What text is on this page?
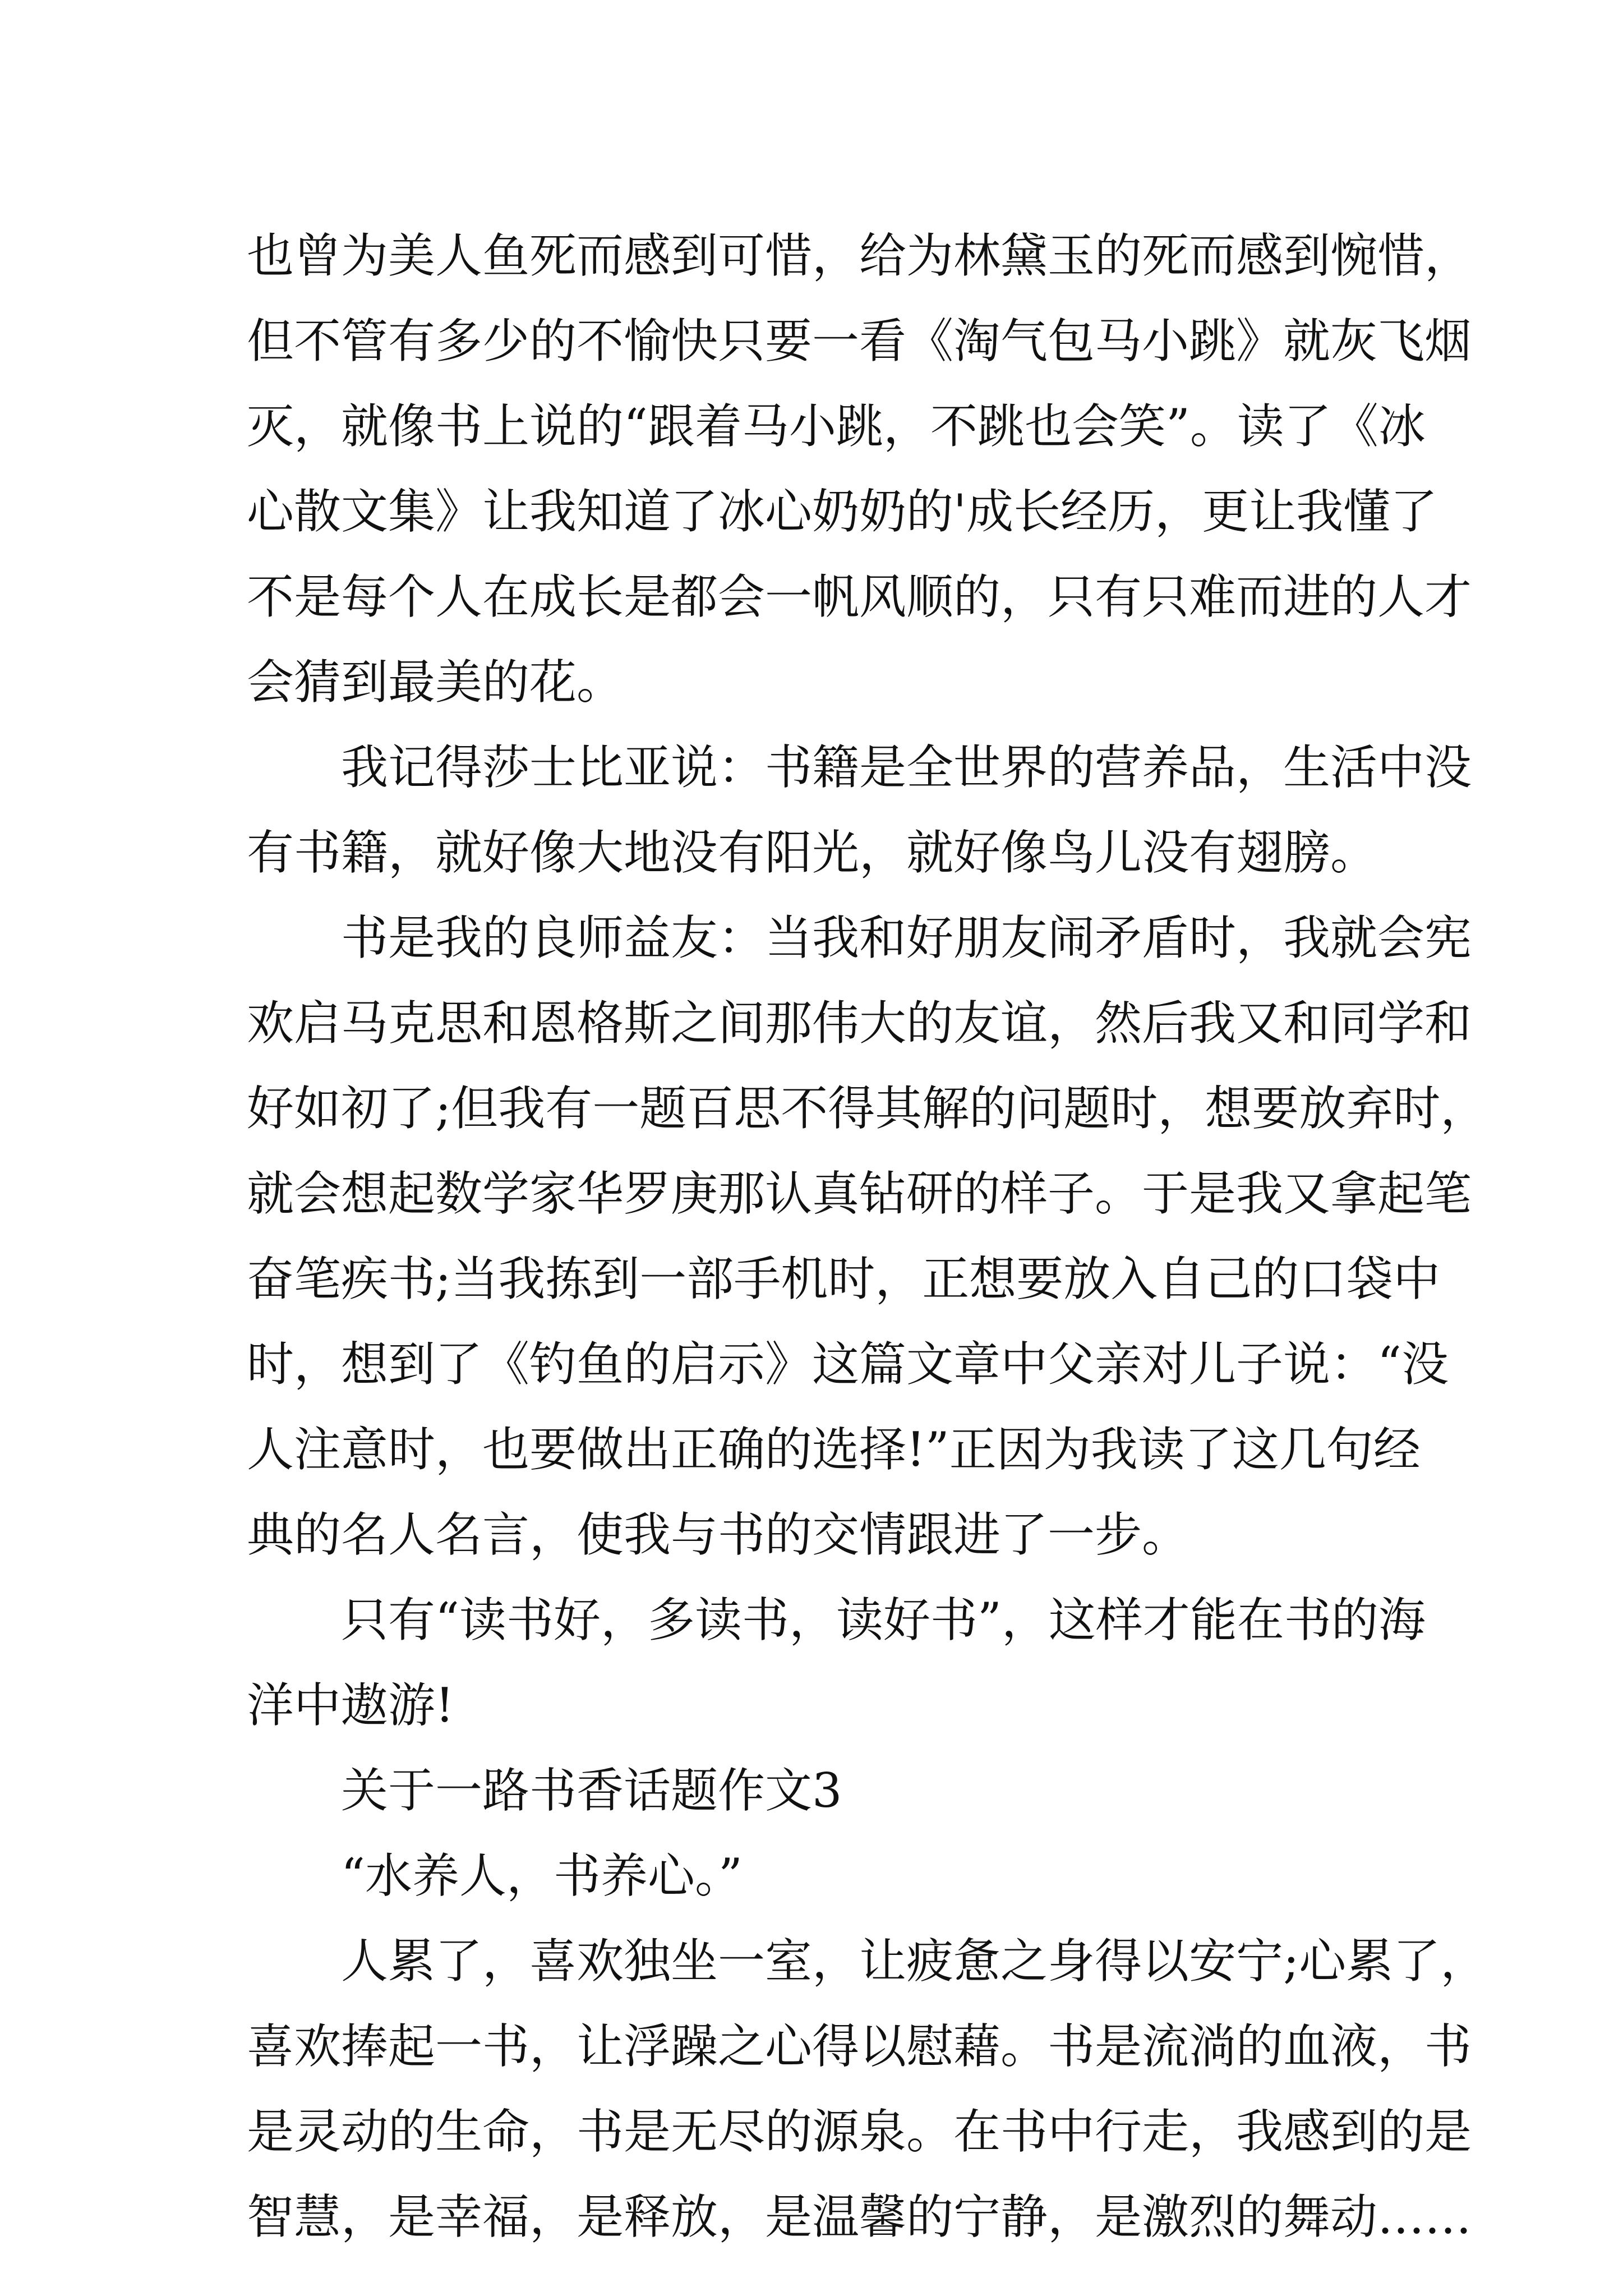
也曾为美人鱼死而感到可惜，给为林黛玉的死而感到惋惜，
但不管有多少的不愉快只要一看《淘气包马小跳》就灰飞烟
灭，就像书上说的“跟着马小跳，不跳也会笑”。读了《冰
心散文集》让我知道了冰心奶奶的'成长经历，更让我懂了
不是每个人在成长是都会一帆风顺的，只有只难而进的人才
会猜到最美的花。
我记得莎士比亚说：书籍是全世界的营养品，生活中没
有书籍，就好像大地没有阳光，就好像鸟儿没有翅膀。
书是我的良师益友：当我和好朋友闹矛盾时，我就会宪
欢启马克思和恩格斯之间那伟大的友谊，然后我又和同学和
好如初了;但我有一题百思不得其解的问题时，想要放弃时，
就会想起数学家华罗庚那认真钻研的样子。于是我又拿起笔
奋笔疾书;当我拣到一部手机时，正想要放入自己的口袋中
时，想到了《钓鱼的启示》这篇文章中父亲对儿子说：“没
人注意时，也要做出正确的选择!”正因为我读了这几句经
典的名人名言，使我与书的交情跟进了一步。
只有“读书好，多读书，读好书”，这样才能在书的海
洋中遨游!
关于一路书香话题作文3
“水养人，书养心。”
人累了，喜欢独坐一室，让疲惫之身得以安宁;心累了，
喜欢捧起一书，让浮躁之心得以慰藉。书是流淌的血液，书
是灵动的生命，书是无尽的源泉。在书中行走，我感到的是
智慧，是幸福，是释放，是温馨的宁静，是激烈的舞动……
